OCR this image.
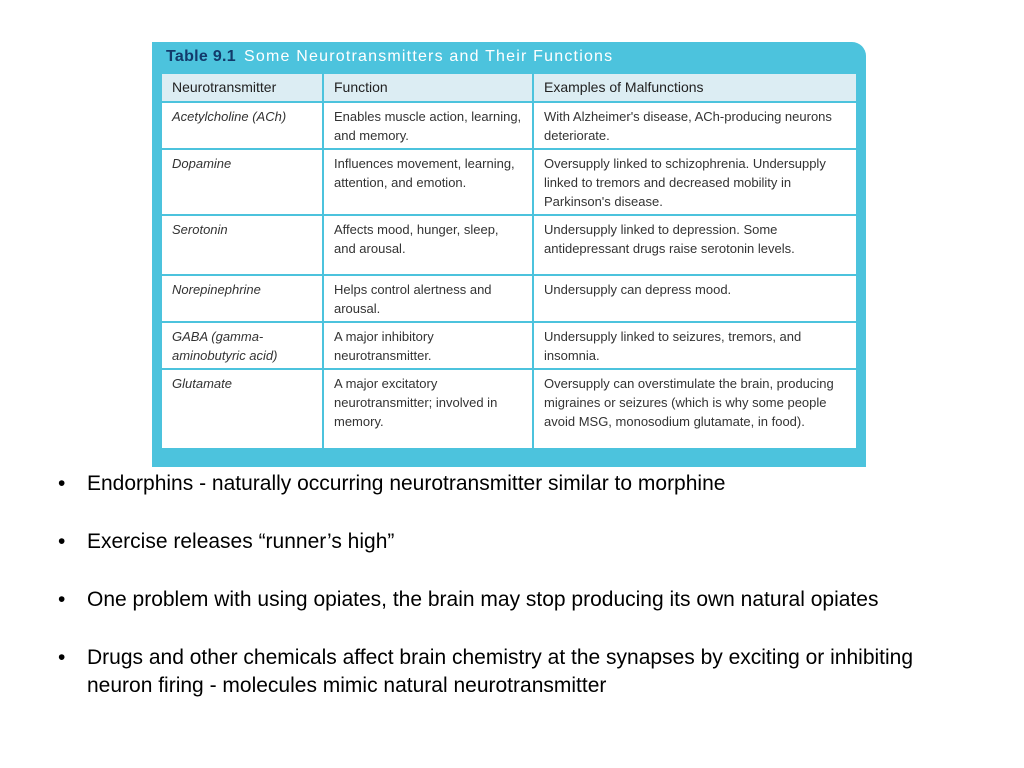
Table 9.1 Some Neurotransmitters and Their Functions
Neurotransmitter	Function	Examples of Malfunctions
Acetylcholine (ACh)	Enables muscle action, learning, and memory.	With Alzheimer's disease, ACh-producing neurons deteriorate.
Dopamine	Influences movement, learning, attention, and emotion.	Oversupply linked to schizophrenia. Undersupply linked to tremors and decreased mobility in Parkinson's disease.
Serotonin	Affects mood, hunger, sleep, and arousal.	Undersupply linked to depression. Some antidepressant drugs raise serotonin levels.
Norepinephrine	Helps control alertness and arousal.	Undersupply can depress mood.
GABA (gamma-aminobutyric acid)	A major inhibitory neurotransmitter.	Undersupply linked to seizures, tremors, and insomnia.
Glutamate	A major excitatory neurotransmitter; involved in memory.	Oversupply can overstimulate the brain, producing migraines or seizures (which is why some people avoid MSG, monosodium glutamate, in food).
• Endorphins - naturally occurring neurotransmitter similar to morphine
• Exercise releases “runner’s high”
• One problem with using opiates, the brain may stop producing its own natural opiates
• Drugs and other chemicals affect brain chemistry at the synapses by exciting or inhibiting neuron firing - molecules mimic natural neurotransmitter
